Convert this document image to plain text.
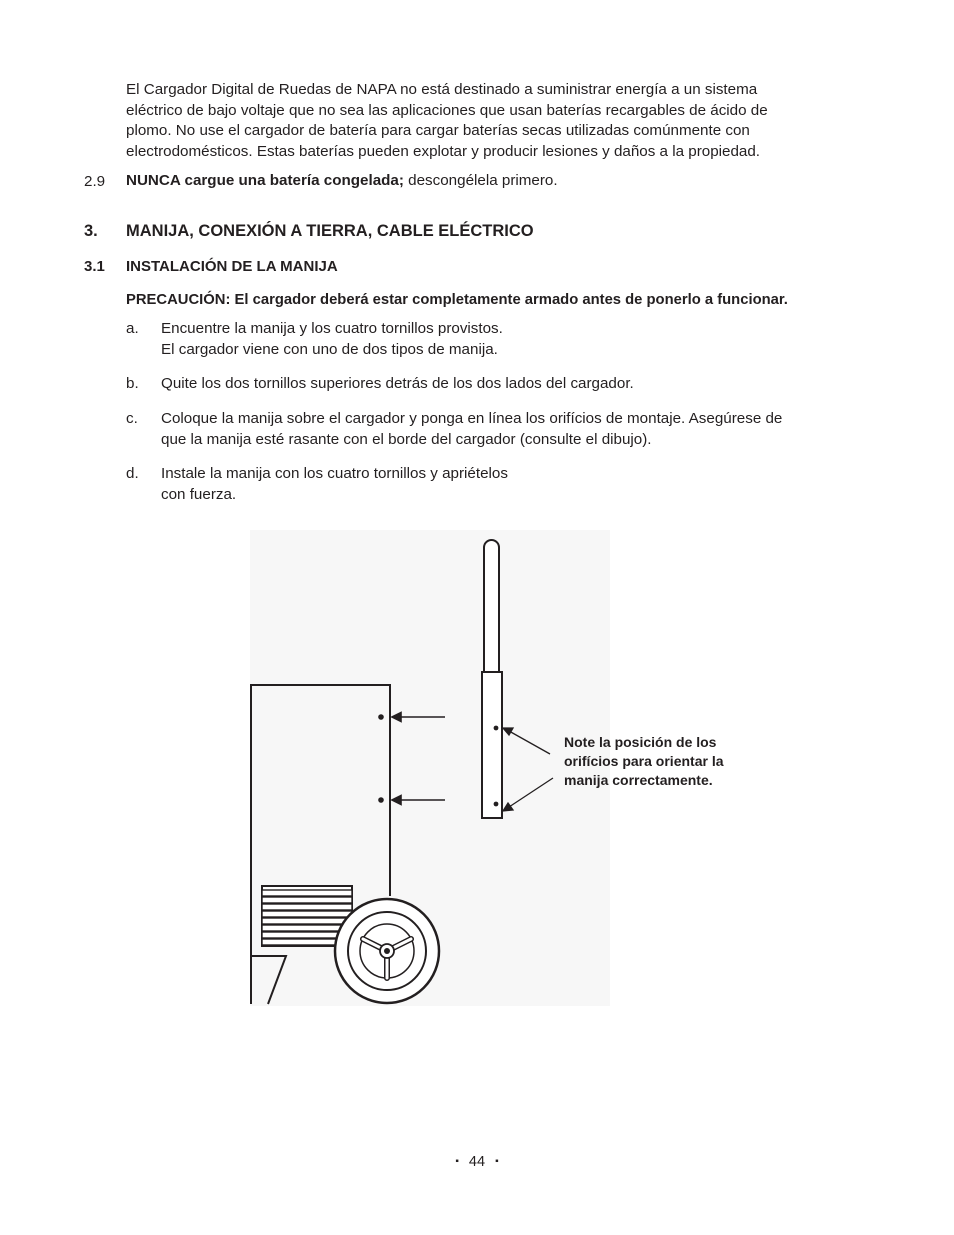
El Cargador Digital de Ruedas de NAPA no está destinado a suministrar energía a un sistema
eléctrico de bajo voltaje que no sea las aplicaciones que usan baterías recargables de ácido de
plomo. No use el cargador de batería para cargar baterías secas utilizadas comúnmente con
electrodomésticos. Estas baterías pueden explotar y producir lesiones y daños a la propiedad.
2.9 NUNCA cargue una batería congelada; descongélela primero.
3. MANIJA, CONEXIÓN A TIERRA, CABLE ELÉCTRICO
3.1 INSTALACIÓN DE LA MANIJA
PRECAUCIÓN: El cargador deberá estar completamente armado antes de ponerlo a funcionar.
a. Encuentre la manija y los cuatro tornillos provistos.
El cargador viene con uno de dos tipos de manija.
b. Quite los dos tornillos superiores detrás de los dos lados del cargador.
c. Coloque la manija sobre el cargador y ponga en línea los orifícios de montaje. Asegúrese de
que la manija esté rasante con el borde del cargador (consulte el dibujo).
d. Instale la manija con los cuatro tornillos y apriételos
con fuerza.
Note la posición de los
orifícios para orientar la
manija correctamente.
▪ 44 ▪
